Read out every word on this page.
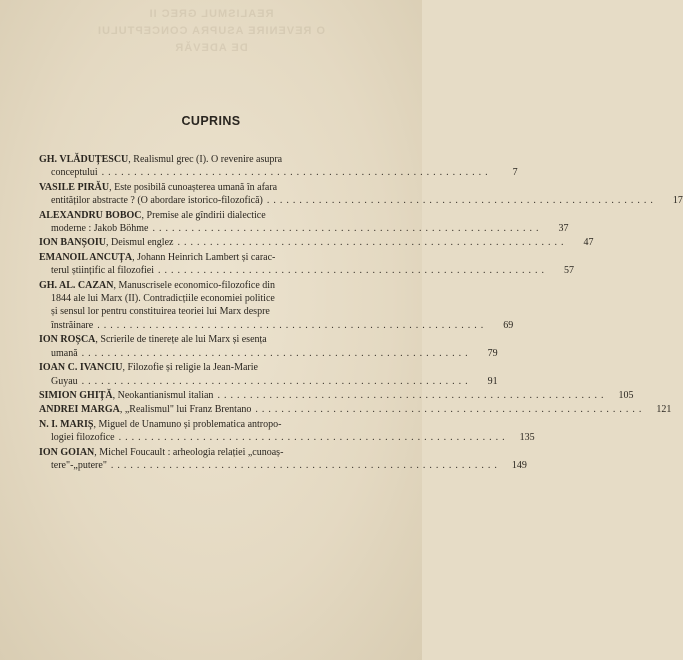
REALISMUL GREC II
O REVENIRE ASUPRA CONCEPTULUI
DE ADEVĂR
CUPRINS
GH. VLĂDUȚESCU, Realismul grec (I). O revenire asupra
conceptului ............................................................	7
VASILE PIRĂU, Este posibilă cunoașterea umană în afara
entităților abstracte ? (O abordare istorico-filozofică) ............................................................	17
ALEXANDRU BOBOC, Premise ale gîndirii dialectice
moderne : Jakob Böhme ............................................................	37
ION BANȘOIU, Deismul englez ............................................................	47
EMANOIL ANCUȚA, Johann Heinrich Lambert și carac-
terul științific al filozofiei ............................................................	57
GH. AL. CAZAN, Manuscrisele economico-filozofice din
1844 ale lui Marx (II). Contradicțiile economiei politice
și sensul lor pentru constituirea teoriei lui Marx despre
înstrăinare ............................................................	69
ION ROȘCA, Scrierile de tinerețe ale lui Marx și esența
umană ............................................................	79
IOAN C. IVANCIU, Filozofie și religie la Jean-Marie
Guyau ............................................................	91
SIMION GHIȚĂ, Neokantianismul italian ............................................................	105
ANDREI MARGA, „Realismul" lui Franz Brentano ............................................................	121
N. I. MARIȘ, Miguel de Unamuno și problematica antropo-
logiei filozofice ............................................................	135
ION GOIAN, Michel Foucault : arheologia relației „cunoaș-
tere"-„putere" ............................................................	149
